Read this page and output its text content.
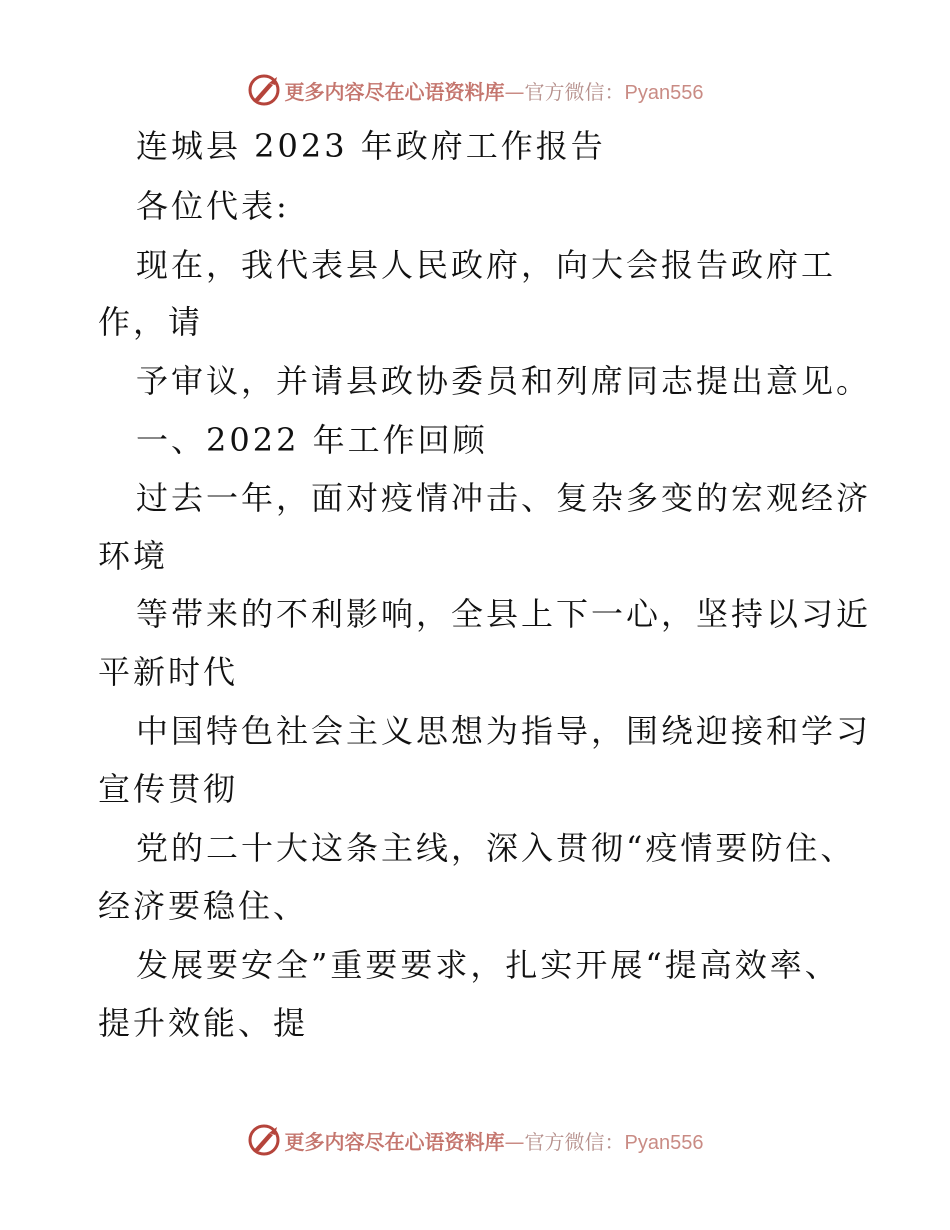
更多内容尽在心语资料库—官方微信：Pyan556
连城县 2023 年政府工作报告
各位代表:
现在，我代表县人民政府，向大会报告政府工
作，请
予审议，并请县政协委员和列席同志提出意见。
一、2022 年工作回顾
过去一年，面对疫情冲击、复杂多变的宏观经济
环境
等带来的不利影响，全县上下一心，坚持以习近
平新时代
中国特色社会主义思想为指导，围绕迎接和学习
宣传贯彻
党的二十大这条主线，深入贯彻“疫情要防住、
经济要稳住、
发展要安全”重要要求，扎实开展“提高效率、
提升效能、提
更多内容尽在心语资料库—官方微信：Pyan556
